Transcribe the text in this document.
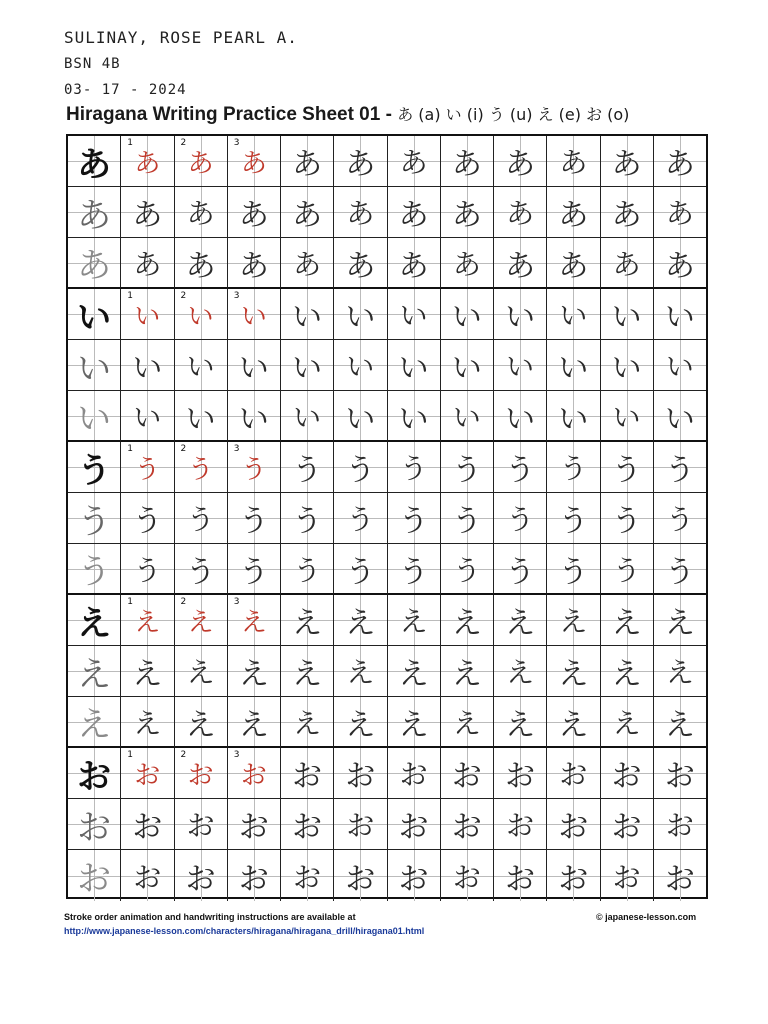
SULINAY, ROSE PEARL A.
BSN 4B
03- 17 - 2024
Hiragana Writing Practice Sheet 01 - あ (a) い (i) う (u) え (e) お (o)
あ
1
あ
2
あ
3
あ あ あ あ あ あ あ あ あ
あ あ あ あ あ あ あ あ あ あ あ あ
あ あ あ あ あ あ あ あ あ あ あ あ
い
1
い
2
い
3
い い い い い い い い い
い い い い い い い い い い い い
い い い い い い い い い い い い
う
1
う
2
う
3
う う う う う う う う う
う う う う う う う う う う う う
う う う う う う う う う う う う
え
1
え
2
え
3
え え え え え え え え え
え え え え え え え え え え え え
え え え え え え え え え え え え
お
1
お
2
お
3
お お お お お お お お お
お お お お お お お お お お お お
お お お お お お お お お お お お
Stroke order animation and handwriting instructions are available at
http://www.japanese-lesson.com/characters/hiragana/hiragana_drill/hiragana01.html
© japanese-lesson.com
